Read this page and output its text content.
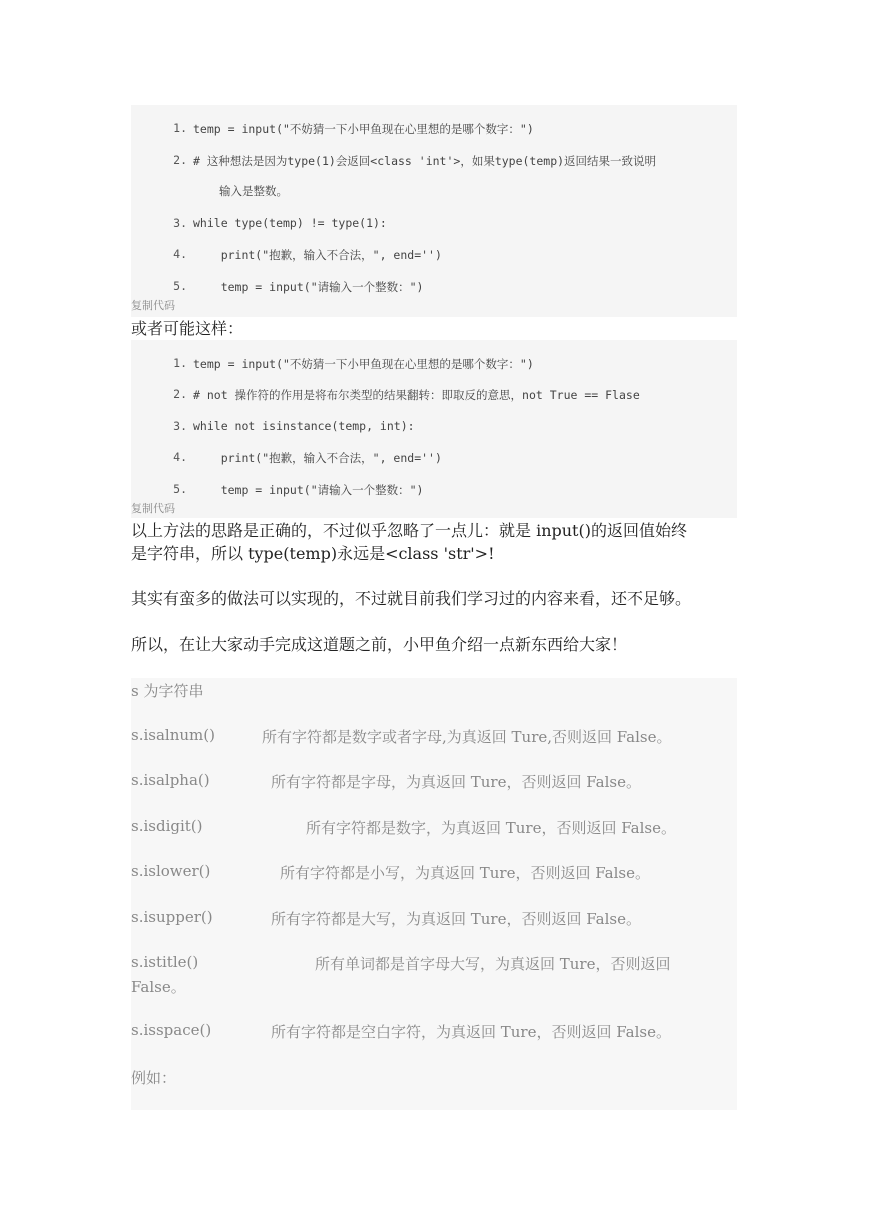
1. temp = input("不妨猜一下小甲鱼现在心里想的是哪个数字：")
2. # 这种想法是因为type(1)会返回<class 'int'>，如果type(temp)返回结果一致说明
输入是整数。
3. while type(temp) != type(1):
4. print("抱歉，输入不合法，", end='')
5. temp = input("请输入一个整数：")
复制代码
或者可能这样：
1. temp = input("不妨猜一下小甲鱼现在心里想的是哪个数字：")
2. # not 操作符的作用是将布尔类型的结果翻转：即取反的意思，not True == Flase
3. while not isinstance(temp, int):
4. print("抱歉，输入不合法，", end='')
5. temp = input("请输入一个整数：")
复制代码
以上方法的思路是正确的，不过似乎忽略了一点儿：就是 input()的返回值始终
是字符串，所以 type(temp)永远是<class 'str'>!
其实有蛮多的做法可以实现的，不过就目前我们学习过的内容来看，还不足够。
所以，在让大家动手完成这道题之前，小甲鱼介绍一点新东西给大家！
s 为字符串
s.isalnum()	所有字符都是数字或者字母,为真返回 Ture,否则返回 False。
s.isalpha()	所有字符都是字母，为真返回 Ture，否则返回 False。
s.isdigit()	所有字符都是数字，为真返回 Ture，否则返回 False。
s.islower()	所有字符都是小写，为真返回 Ture，否则返回 False。
s.isupper()	所有字符都是大写，为真返回 Ture，否则返回 False。
s.istitle()	所有单词都是首字母大写，为真返回 Ture，否则返回
False。
s.isspace()	所有字符都是空白字符，为真返回 Ture，否则返回 False。
例如：
